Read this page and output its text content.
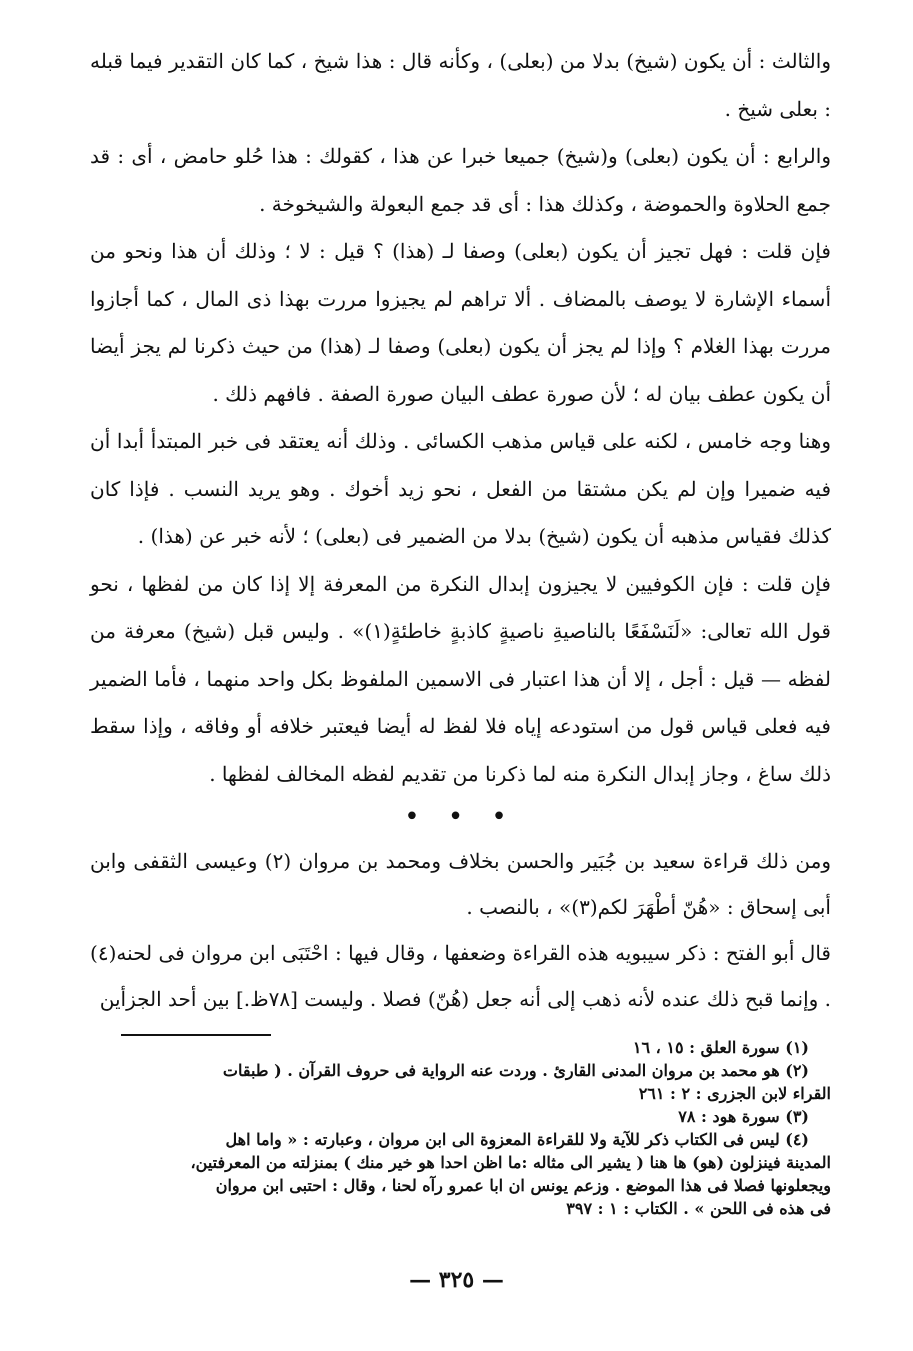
والثالث : أن يكون (شيخ) بدلا من (بعلى) ، وكأنه قال : هذا شيخ ، كما كان التقدير فيما قبله : بعلى شيخ .

والرابع : أن يكون (بعلى) و(شيخ) جميعا خبرا عن هذا ، كقولك : هذا حُلو حامض ، أى : قد جمع الحلاوة والحموضة ، وكذلك هذا : أى قد جمع البعولة والشيخوخة .

فإن قلت : فهل تجيز أن يكون (بعلى) وصفا لـ (هذا) ؟ قيل : لا ؛ وذلك أن هذا ونحو من أسماء الإشارة لا يوصف بالمضاف . ألا تراهم لم يجيزوا مررت بهذا ذى المال ، كما أجازوا مررت بهذا الغلام ؟ وإذا لم يجز أن يكون (بعلى) وصفا لـ (هذا) من حيث ذكرنا لم يجز أيضا أن يكون عطف بيان له ؛ لأن صورة عطف البيان صورة الصفة . فافهم ذلك .

وهنا وجه خامس ، لكنه على قياس مذهب الكسائى . وذلك أنه يعتقد فى خبر المبتدأ أبدا أن فيه ضميرا وإن لم يكن مشتقا من الفعل ، نحو زيد أخوك . وهو يريد النسب . فإذا كان كذلك فقياس مذهبه أن يكون (شيخ) بدلا من الضمير فى (بعلى) ؛ لأنه خبر عن (هذا) .

فإن قلت : فإن الكوفيين لا يجيزون إبدال النكرة من المعرفة إلا إذا كان من لفظها ، نحو قول الله تعالى: «لَنَسْفَعًا بالناصيةِ ناصيةٍ كاذبةٍ خاطئةٍ(١)» . وليس قبل (شيخ) معرفة من لفظه — قيل : أجل ، إلا أن هذا اعتبار فى الاسمين الملفوظ بكل واحد منهما ، فأما الضمير فيه فعلى قياس قول من استودعه إياه فلا لفظ له أيضا فيعتبر خلافه أو وفاقه ، وإذا سقط ذلك ساغ ، وجاز إبدال النكرة منه لما ذكرنا من تقديم لفظه المخالف لفظها .

• • •

ومن ذلك قراءة سعيد بن جُبَير والحسن بخلاف ومحمد بن مروان (٢) وعيسى الثقفى وابن أبى إسحاق : «هُنّ أطْهَرَ لكم(٣)» ، بالنصب .

قال أبو الفتح : ذكر سيبويه هذه القراءة وضعفها ، وقال فيها : احْتَبَى ابن مروان فى لحنه(٤) . وإنما قبح ذلك عنده لأنه ذهب إلى أنه جعل (هُنّ) فصلا . وليست [٧٨ظ.] بين أحد الجزأين

(١) سورة العلق : ١٥ ، ١٦

(٢) هو محمد بن مروان المدنى القارئ . وردت عنه الرواية فى حروف القرآن . ( طبقات

القراء لابن الجزرى : ٢ : ٢٦١

(٣) سورة هود : ٧٨

(٤) ليس فى الكتاب ذكر للآية ولا للقراءة المعزوة الى ابن مروان ، وعبارته : « واما اهل

المدينة فينزلون (هو) ها هنا ( يشير الى مثاله :ما اظن احدا هو خير منك ) بمنزلته من المعرفتين،

ويجعلونها فصلا فى هذا الموضع . وزعم يونس ان ابا عمرو رآه لحنا ، وقال : احتبى ابن مروان

فى هذه فى اللحن » . الكتاب : ١ : ٣٩٧

— ٣٢٥ —
